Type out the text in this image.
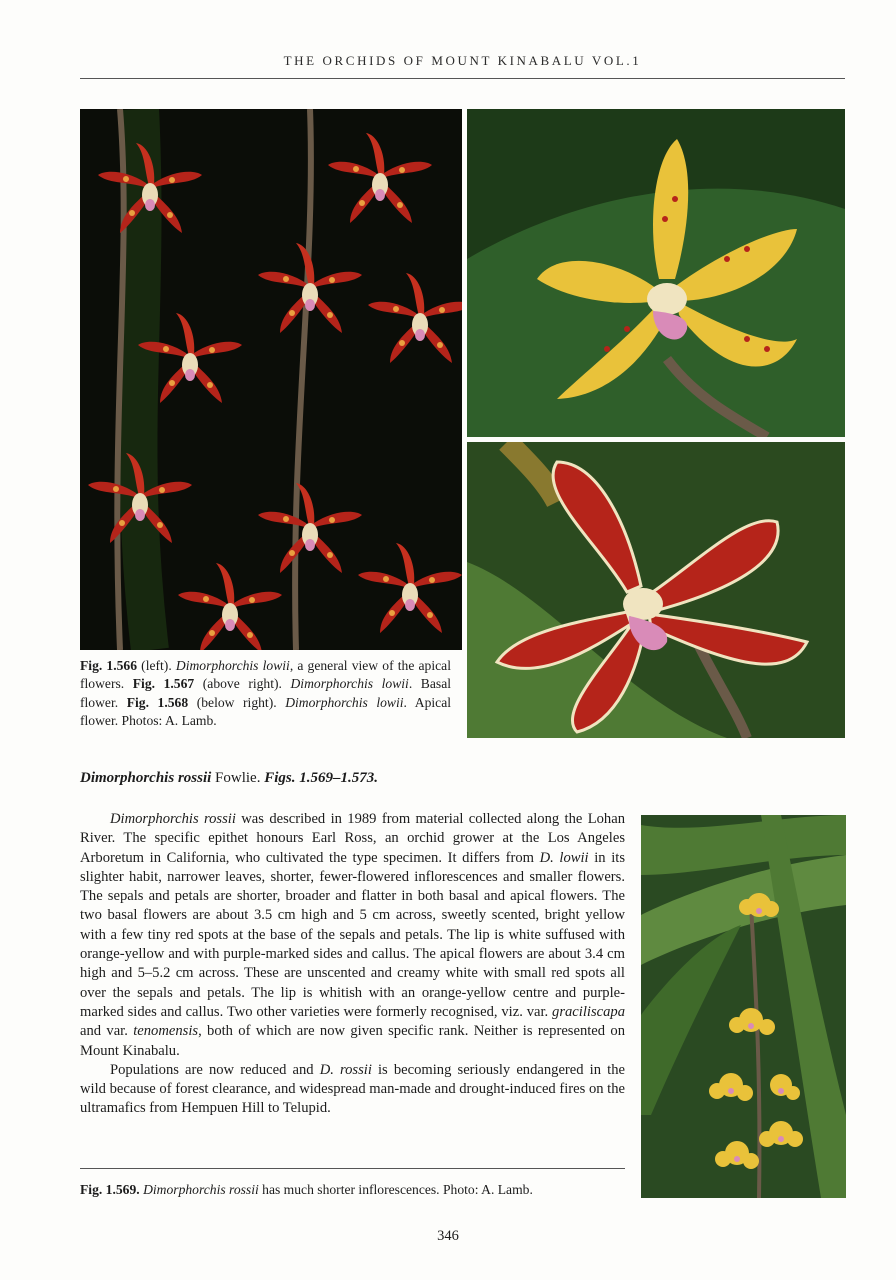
THE ORCHIDS OF MOUNT KINABALU VOL.1
Fig. 1.566 (left). Dimorphorchis lowii, a general view of the apical flowers. Fig. 1.567 (above right). Dimorphorchis lowii. Basal flower. Fig. 1.568 (below right). Dimorphorchis lowii. Apical flower. Photos: A. Lamb.
Dimorphorchis rossii Fowlie. Figs. 1.569–1.573.

Dimorphorchis rossii was described in 1989 from material collected along the Lohan River. The specific epithet honours Earl Ross, an orchid grower at the Los Angeles Arboretum in California, who cultivated the type specimen. It differs from D. lowii in its slighter habit, narrower leaves, shorter, fewer-flowered inflorescences and smaller flowers. The sepals and petals are shorter, broader and flatter in both basal and apical flowers. The two basal flowers are about 3.5 cm high and 5 cm across, sweetly scented, bright yellow with a few tiny red spots at the base of the sepals and petals. The lip is white suffused with orange-yellow and with purple-marked sides and callus. The apical flowers are about 3.4 cm high and 5–5.2 cm across. These are unscented and creamy white with small red spots all over the sepals and petals. The lip is whitish with an orange-yellow centre and purple-marked sides and callus. Two other varieties were formerly recognised, viz. var. graciliscapa and var. tenomensis, both of which are now given specific rank. Neither is represented on Mount Kinabalu.

Populations are now reduced and D. rossii is becoming seriously endangered in the wild because of forest clearance, and widespread man-made and drought-induced fires on the ultramafics from Hempuen Hill to Telupid.

Fig. 1.569. Dimorphorchis rossii has much shorter inflorescences. Photo: A. Lamb.
346
